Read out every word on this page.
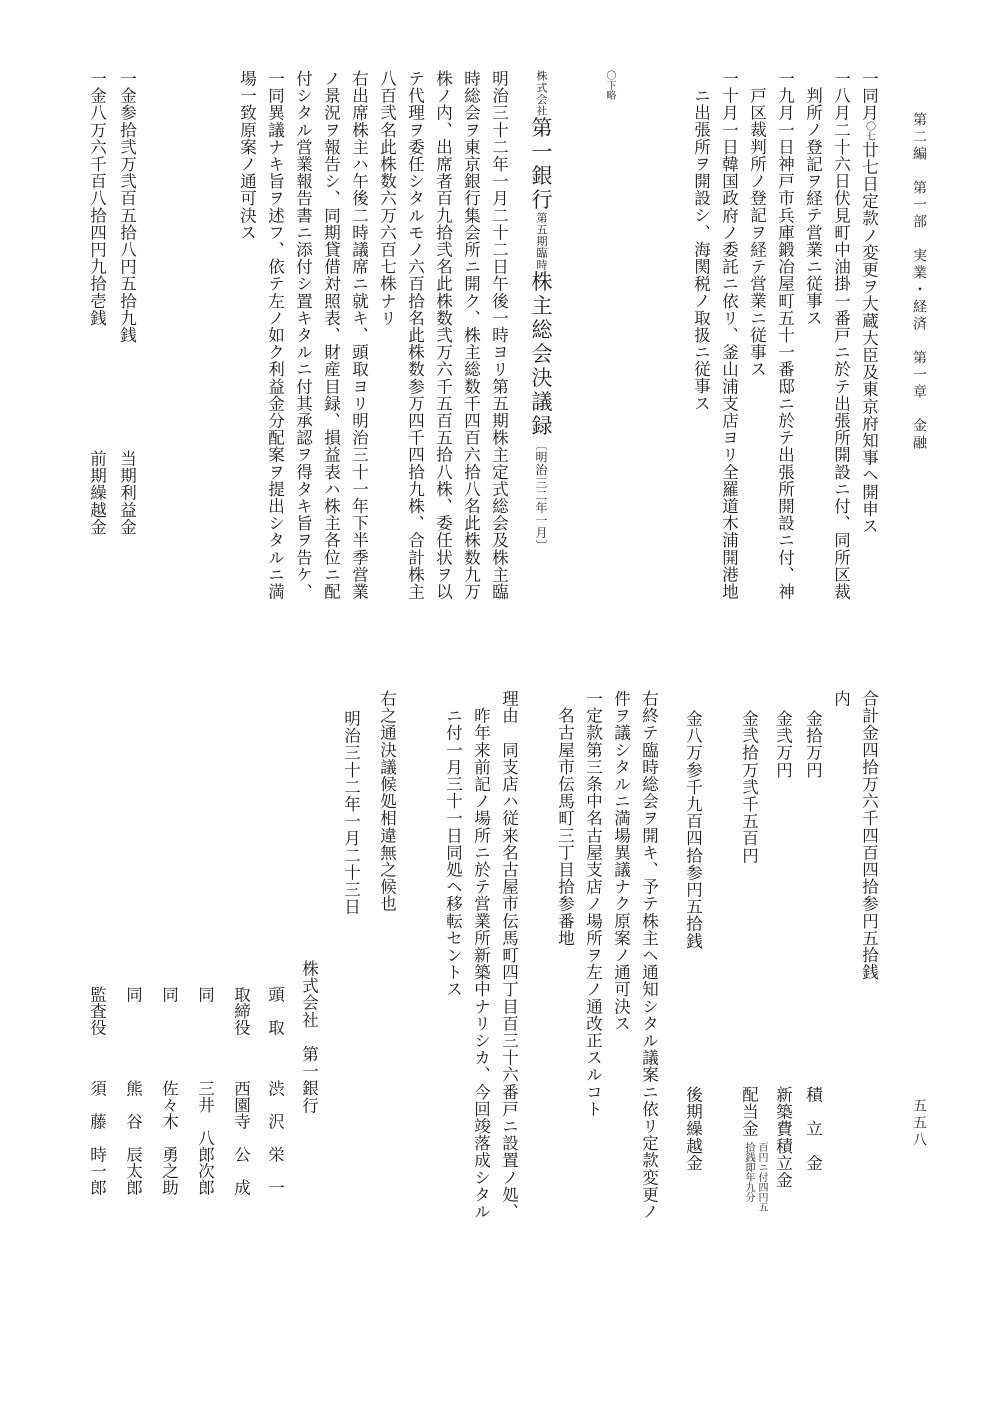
第二編　第一部　実業・経済　第一章　金融
五五八
一同月〇七廿七日定款ノ変更ヲ大蔵大臣及東京府知事ヘ開申ス
一八月二十六日伏見町中油掛一番戸ニ於テ出張所開設ニ付、同所区裁
判所ノ登記ヲ経テ営業ニ従事ス
一九月一日神戸市兵庫鍛冶屋町五十一番邸ニ於テ出張所開設ニ付、神
戸区裁判所ノ登記ヲ経テ営業ニ従事ス
一十月一日韓国政府ノ委託ニ依リ、釜山浦支店ヨリ全羅道木浦開港地
ニ出張所ヲ開設シ、海関税ノ取扱ニ従事ス
〇下略
株式会社第一銀行第五期臨時株主総会決議録〔明治三二年一月〕
明治三十二年一月二十二日午後一時ヨリ第五期株主定式総会及株主臨
時総会ヲ東京銀行集会所ニ開ク、株主総数千四百六拾八名此株数九万
株ノ内、出席者百九拾弐名此株数弐万六千五百五拾八株、委任状ヲ以
テ代理ヲ委任シタルモノ六百拾名此株数参万四千四拾九株、合計株主
八百弐名此株数六万六百七株ナリ
右出席株主ハ午後二時議席ニ就キ、頭取ヨリ明治三十一年下半季営業
ノ景況ヲ報告シ、同期貸借対照表、財産目録、損益表ハ株主各位ニ配
付シタル営業報告書ニ添付シ置キタルニ付其承認ヲ得タキ旨ヲ告ケ、
一同異議ナキ旨ヲ述フ、依テ左ノ如ク利益金分配案ヲ提出シタルニ満
場一致原案ノ通可決ス
一金参拾弐万弐百五拾八円五拾九銭
当期利益金
一金八万六千百八拾四円九拾壱銭
前期繰越金
合計金四拾万六千四百四拾参円五拾銭
内
金拾万円
積　立　金
金弐万円
新築費積立金
金弐拾万弐千五百円
配当金
百円ニ付四円五
拾銭即年九分
金八万参千九百四拾参円五拾銭
後期繰越金
右終テ臨時総会ヲ開キ、予テ株主ヘ通知シタル議案ニ依リ定款変更ノ
件ヲ議シタルニ満場異議ナク原案ノ通可決ス
一定款第三条中名古屋支店ノ場所ヲ左ノ通改正スルコト
　名古屋市伝馬町三丁目拾参番地
理由　同支店ハ従来名古屋市伝馬町四丁目百三十六番戸ニ設置ノ処、
　昨年来前記ノ場所ニ於テ営業所新築中ナリシカ、今回竣落成シタル
　ニ付一月三十一日同処ヘ移転セントス
右之通決議候処相違無之候也
明治三十二年一月二十三日
株式会社　第一銀行
頭　取
渋　沢　栄　一
取締役
西園寺　公　成
同
三井　八郎次郎
同
佐々木　勇之助
同
熊　谷　辰太郎
監査役
須　藤　時一郎
